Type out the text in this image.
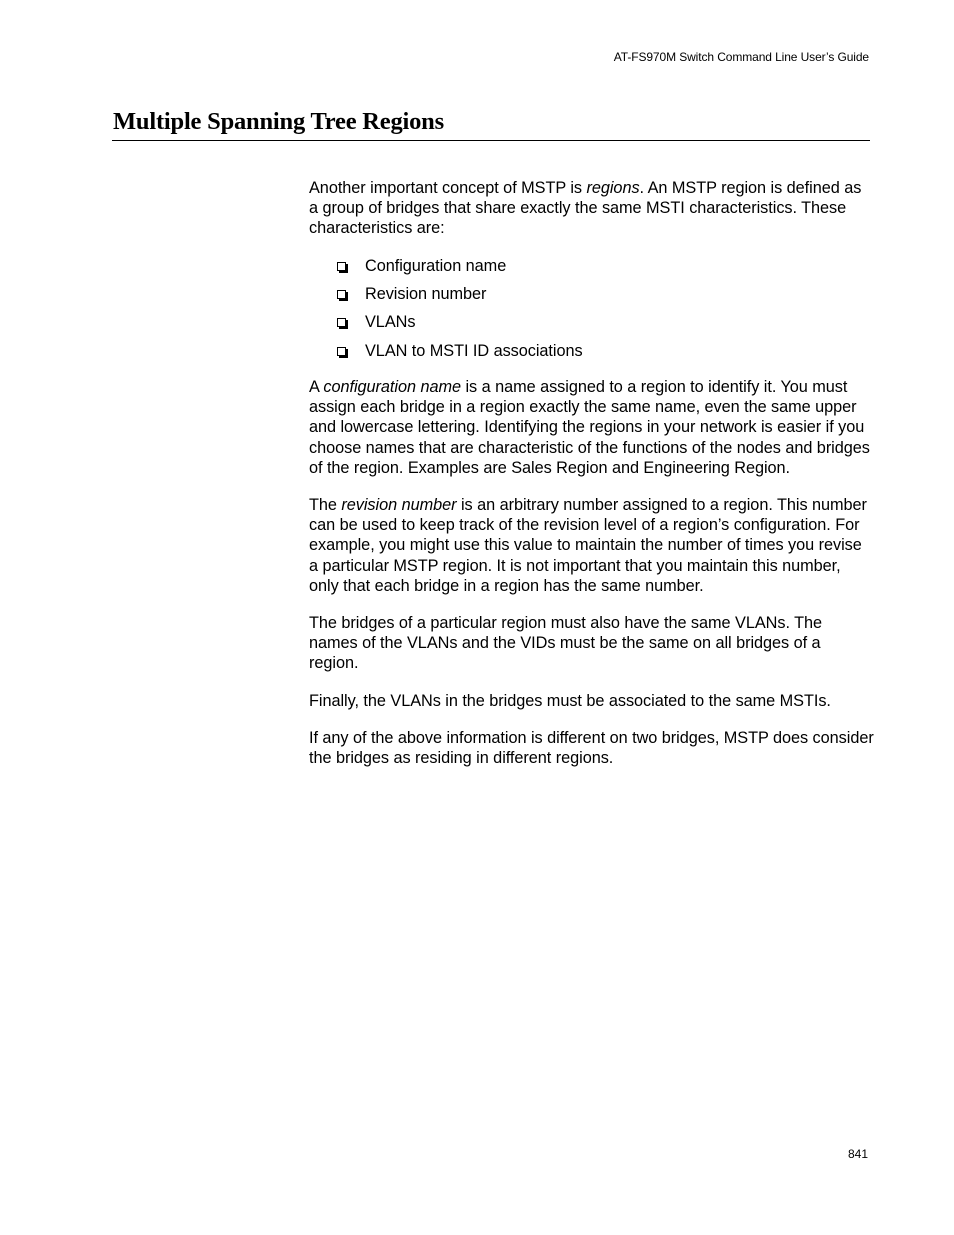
AT-FS970M Switch Command Line User’s Guide
Multiple Spanning Tree Regions

Another important concept of MSTP is regions. An MSTP region is defined as a group of bridges that share exactly the same MSTI characteristics. These characteristics are:

Configuration name
Revision number
VLANs
VLAN to MSTI ID associations

A configuration name is a name assigned to a region to identify it. You must assign each bridge in a region exactly the same name, even the same upper and lowercase lettering. Identifying the regions in your network is easier if you choose names that are characteristic of the functions of the nodes and bridges of the region. Examples are Sales Region and Engineering Region.

The revision number is an arbitrary number assigned to a region. This number can be used to keep track of the revision level of a region’s configuration. For example, you might use this value to maintain the number of times you revise a particular MSTP region. It is not important that you maintain this number, only that each bridge in a region has the same number.

The bridges of a particular region must also have the same VLANs. The names of the VLANs and the VIDs must be the same on all bridges of a region.

Finally, the VLANs in the bridges must be associated to the same MSTIs.

If any of the above information is different on two bridges, MSTP does consider the bridges as residing in different regions.

841
